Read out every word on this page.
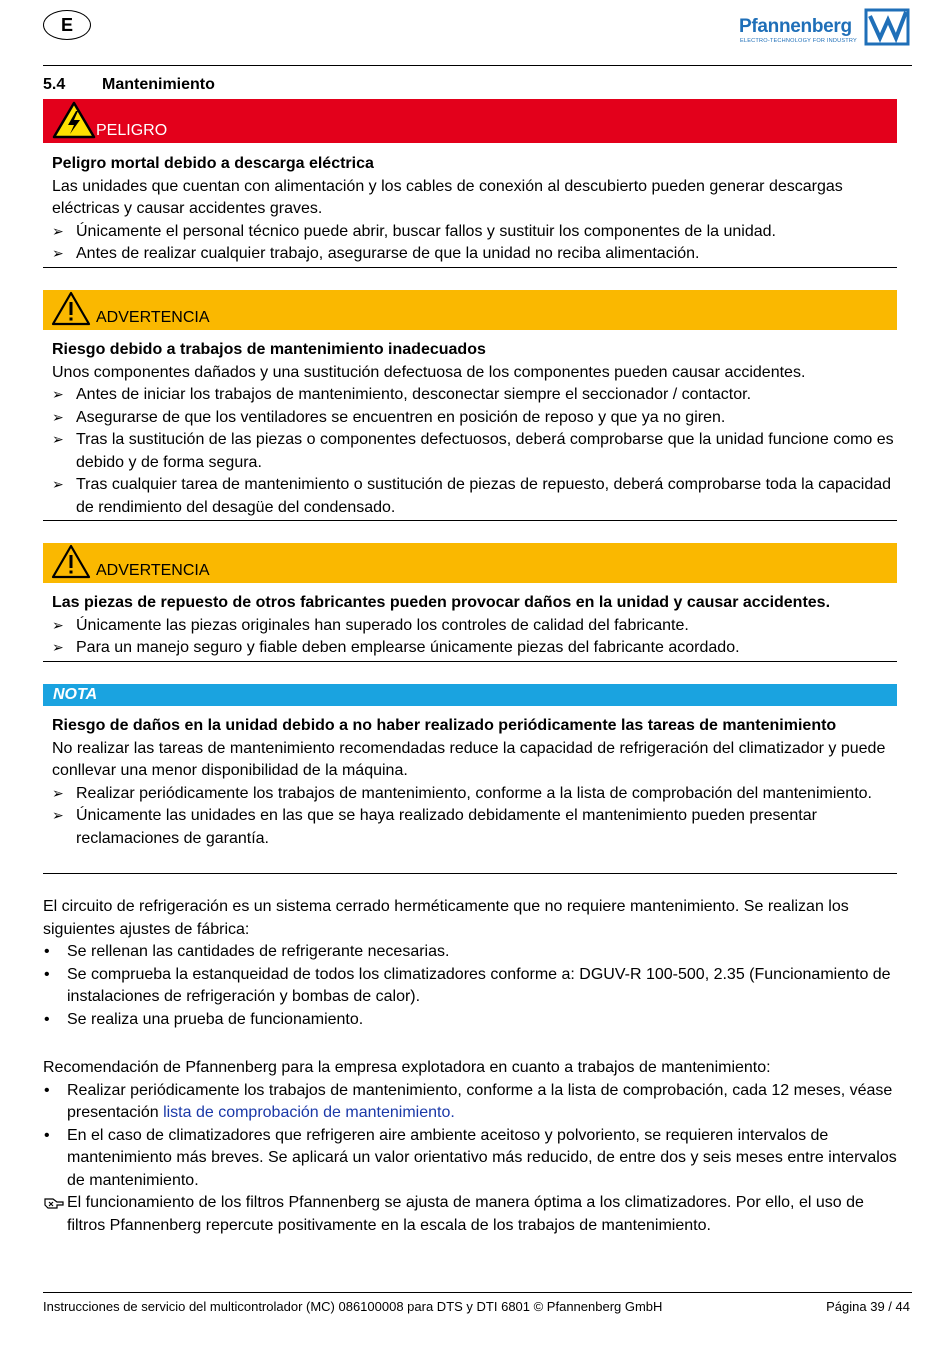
E	Pfannenberg
ELECTRO-TECHNOLOGY FOR INDUSTRY
5.4 Mantenimiento
PELIGRO
Peligro mortal debido a descarga eléctrica
Las unidades que cuentan con alimentación y los cables de conexión al descubierto pueden generar descargas eléctricas y causar accidentes graves.
➢ Únicamente el personal técnico puede abrir, buscar fallos y sustituir los componentes de la unidad.
➢ Antes de realizar cualquier trabajo, asegurarse de que la unidad no reciba alimentación.
ADVERTENCIA
Riesgo debido a trabajos de mantenimiento inadecuados
Unos componentes dañados y una sustitución defectuosa de los componentes pueden causar accidentes.
➢ Antes de iniciar los trabajos de mantenimiento, desconectar siempre el seccionador / contactor.
➢ Asegurarse de que los ventiladores se encuentren en posición de reposo y que ya no giren.
➢ Tras la sustitución de las piezas o componentes defectuosos, deberá comprobarse que la unidad funcione como es debido y de forma segura.
➢ Tras cualquier tarea de mantenimiento o sustitución de piezas de repuesto, deberá comprobarse toda la capacidad de rendimiento del desagüe del condensado.
ADVERTENCIA
Las piezas de repuesto de otros fabricantes pueden provocar daños en la unidad y causar accidentes.
➢ Únicamente las piezas originales han superado los controles de calidad del fabricante.
➢ Para un manejo seguro y fiable deben emplearse únicamente piezas del fabricante acordado.
NOTA
Riesgo de daños en la unidad debido a no haber realizado periódicamente las tareas de mantenimiento
No realizar las tareas de mantenimiento recomendadas reduce la capacidad de refrigeración del climatizador y puede conllevar una menor disponibilidad de la máquina.
➢ Realizar periódicamente los trabajos de mantenimiento, conforme a la lista de comprobación del mantenimiento.
➢ Únicamente las unidades en las que se haya realizado debidamente el mantenimiento pueden presentar reclamaciones de garantía.
El circuito de refrigeración es un sistema cerrado herméticamente que no requiere mantenimiento. Se realizan los siguientes ajustes de fábrica:
• Se rellenan las cantidades de refrigerante necesarias.
• Se comprueba la estanqueidad de todos los climatizadores conforme a: DGUV-R 100-500, 2.35 (Funcionamiento de instalaciones de refrigeración y bombas de calor).
• Se realiza una prueba de funcionamiento.
Recomendación de Pfannenberg para la empresa explotadora en cuanto a trabajos de mantenimiento:
• Realizar periódicamente los trabajos de mantenimiento, conforme a la lista de comprobación, cada 12 meses, véase presentación lista de comprobación de mantenimiento.
• En el caso de climatizadores que refrigeren aire ambiente aceitoso y polvoriento, se requieren intervalos de mantenimiento más breves. Se aplicará un valor orientativo más reducido, de entre dos y seis meses entre intervalos de mantenimiento.
El funcionamiento de los filtros Pfannenberg se ajusta de manera óptima a los climatizadores. Por ello, el uso de filtros Pfannenberg repercute positivamente en la escala de los trabajos de mantenimiento.
Instrucciones de servicio del multicontrolador (MC) 086100008 para DTS y DTI 6801 © Pfannenberg GmbH	Página 39 / 44
